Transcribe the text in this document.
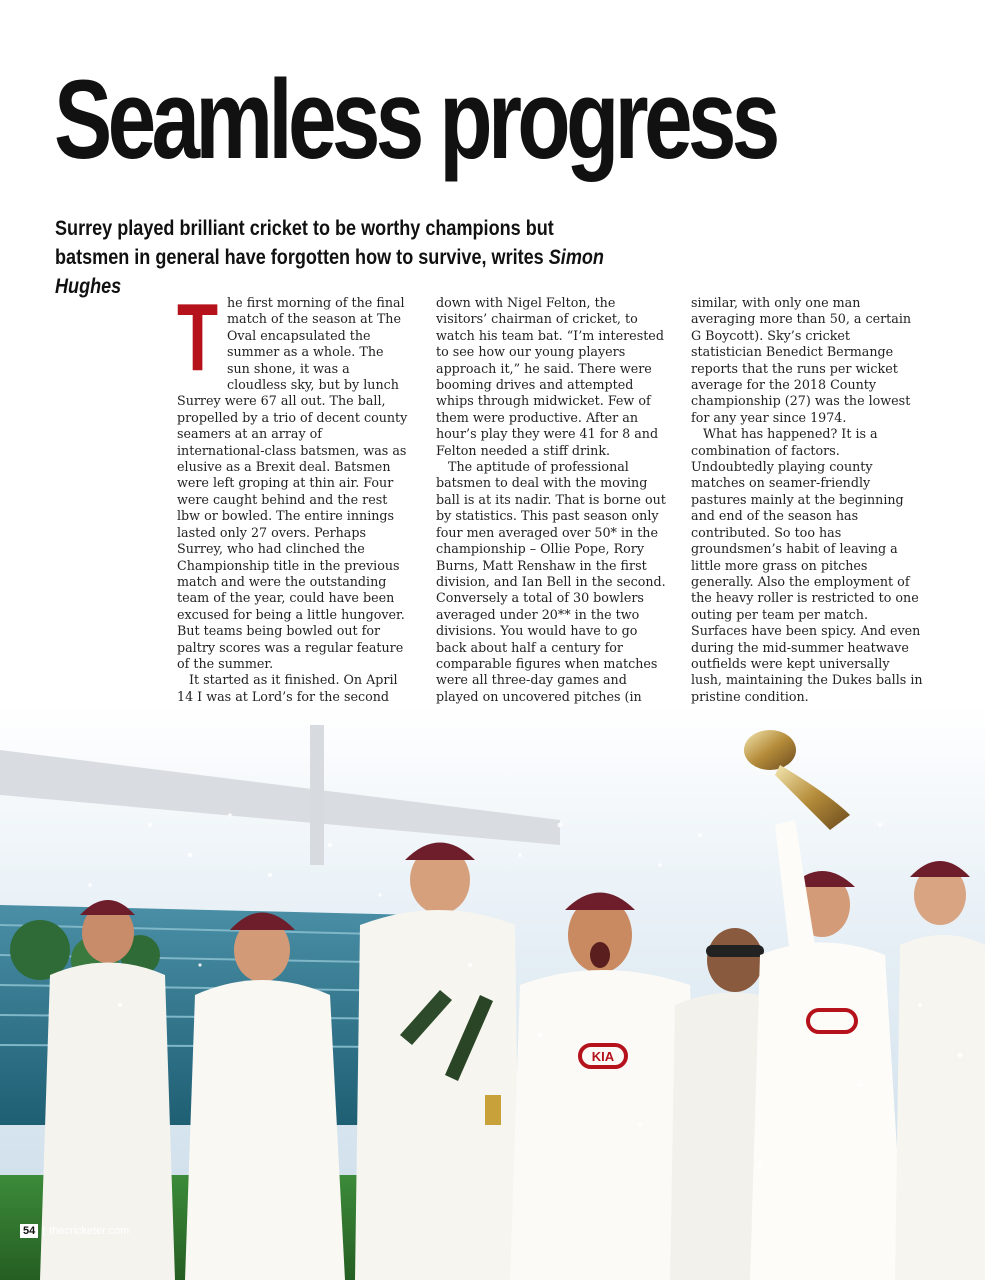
Seamless progress

Surrey played brilliant cricket to be worthy champions but batsmen in general have forgotten how to survive, writes Simon Hughes T he first morning of the final match of the season at The Oval encapsulated the summer as a whole. The sun shone, it was a cloudless sky, but by lunch Surrey were 67 all out. The ball, propelled by a trio of decent county seamers at an array of international-class batsmen, was as elusive as a Brexit deal. Batsmen were left groping at thin air. Four were caught behind and the rest lbw or bowled. The entire innings lasted only 27 overs. Perhaps Surrey, who had clinched the Championship title in the previous match and were the outstanding team of the year, could have been excused for being a little hungover. But teams being bowled out for paltry scores was a regular feature of the summer.

It started as it finished. On April 14 I was at Lord’s for the second

down with Nigel Felton, the visitors’ chairman of cricket, to watch his team bat. “I’m interested to see how our young players approach it,” he said. There were booming drives and attempted whips through midwicket. Few of them were productive. After an hour’s play they were 41 for 8 and Felton needed a stiff drink.

The aptitude of professional batsmen to deal with the moving ball is at its nadir. That is borne out by statistics. This past season only four men averaged over 50* in the championship – Ollie Pope, Rory Burns, Matt Renshaw in the first division, and Ian Bell in the second. Conversely a total of 30 bowlers averaged under 20** in the two divisions. You would have to go back about half a century for comparable figures when matches were all three-day games and played on uncovered pitches (in

similar, with only one man averaging more than 50, a certain G Boycott). Sky’s cricket statistician Benedict Bermange reports that the runs per wicket average for the 2018 County championship (27) was the lowest for any year since 1974.

What has happened? It is a combination of factors. Undoubtedly playing county matches on seamer-friendly pastures mainly at the beginning and end of the season has contributed. So too has groundsmen’s habit of leaving a little more grass on pitches generally. Also the employment of the heavy roller is restricted to one outing per team per match. Surfaces have been spicy. And even during the mid-summer heatwave outfields were kept universally lush, maintaining the Dukes balls in pristine condition.

KIA
54 | thecricketer.com
